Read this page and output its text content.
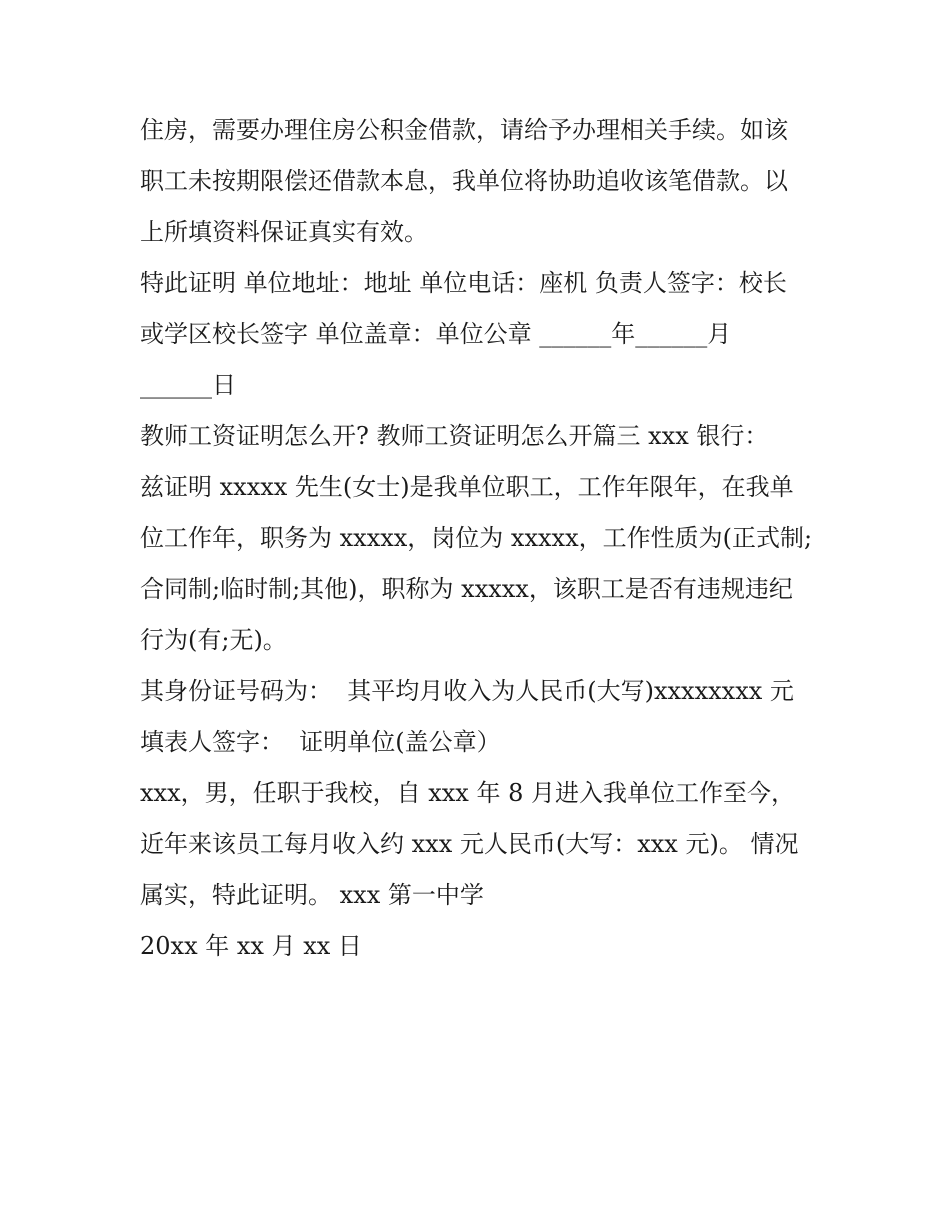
住房，需要办理住房公积金借款，请给予办理相关手续。如该
职工未按期限偿还借款本息，我单位将协助追收该笔借款。以
上所填资料保证真实有效。
特此证明 单位地址：地址 单位电话：座机 负责人签字：校长
或学区校长签字 单位盖章：单位公章 ______年______月
______日
教师工资证明怎么开? 教师工资证明怎么开篇三 xxx 银行：
兹证明 xxxxx 先生(女士)是我单位职工，工作年限年，在我单
位工作年，职务为 xxxxx，岗位为 xxxxx，工作性质为(正式制;
合同制;临时制;其他)，职称为 xxxxx，该职工是否有违规违纪
行为(有;无)。
其身份证号码为：  其平均月收入为人民币(大写)xxxxxxxx 元
填表人签字：  证明单位(盖公章）
xxx，男，任职于我校，自 xxx 年 8 月进入我单位工作至今，
近年来该员工每月收入约 xxx 元人民币(大写：xxx 元)。 情况
属实，特此证明。 xxx 第一中学
20xx 年 xx 月 xx 日
